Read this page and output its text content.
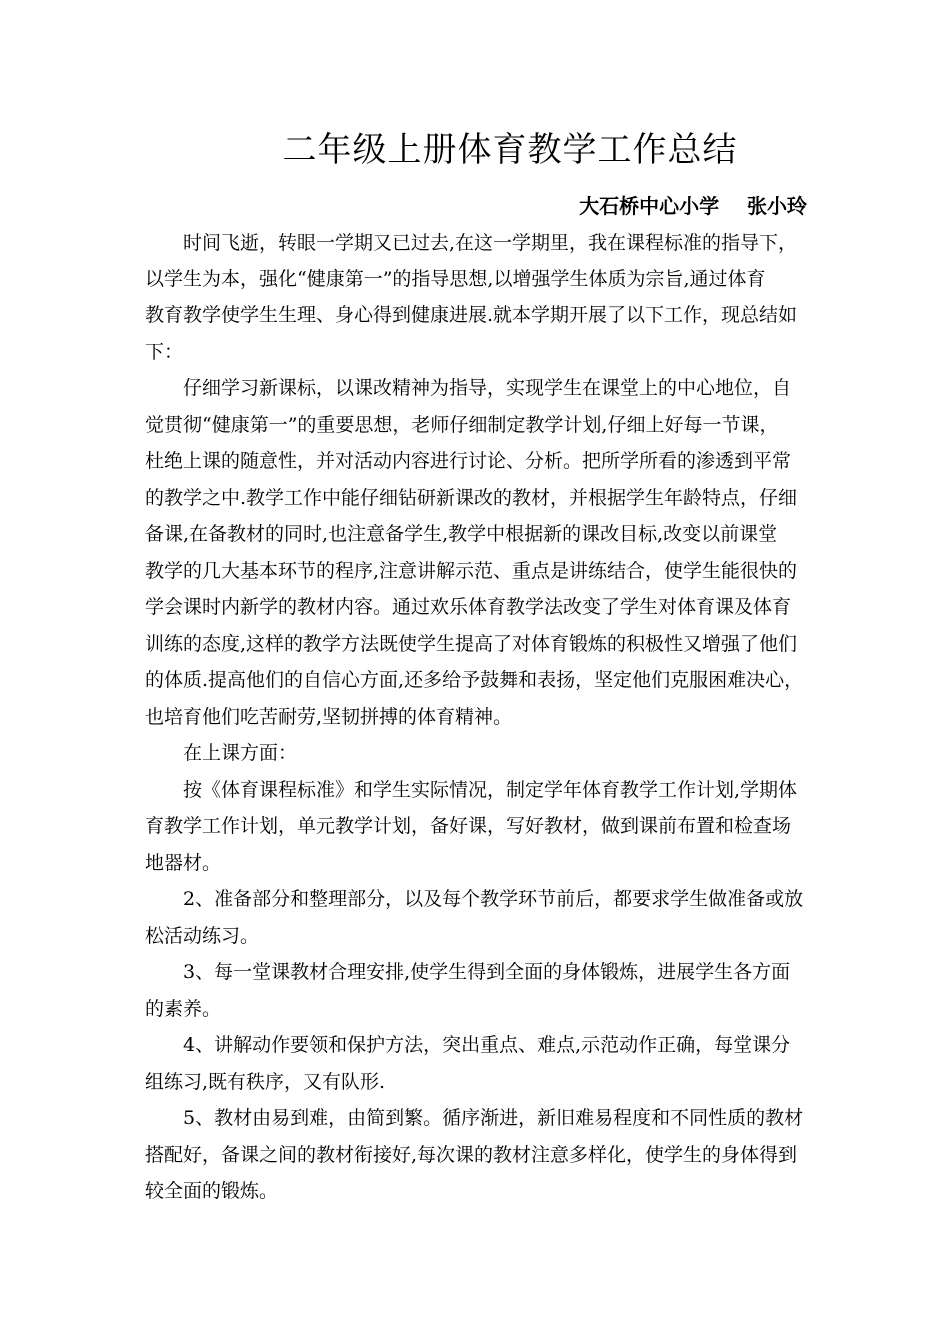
二年级上册体育教学工作总结
大石桥中心小学    张小玲
时间飞逝，转眼一学期又已过去,在这一学期里，我在课程标准的指导下，
以学生为本，强化“健康第一”的指导思想,以增强学生体质为宗旨,通过体育
教育教学使学生生理、身心得到健康进展.就本学期开展了以下工作，现总结如
下：
仔细学习新课标，以课改精神为指导，实现学生在课堂上的中心地位，自
觉贯彻“健康第一”的重要思想，老师仔细制定教学计划,仔细上好每一节课，
杜绝上课的随意性，并对活动内容进行讨论、分析。把所学所看的渗透到平常
的教学之中.教学工作中能仔细钻研新课改的教材，并根据学生年龄特点，仔细
备课,在备教材的同时,也注意备学生,教学中根据新的课改目标,改变以前课堂
教学的几大基本环节的程序,注意讲解示范、重点是讲练结合，使学生能很快的
学会课时内新学的教材内容。通过欢乐体育教学法改变了学生对体育课及体育
训练的态度,这样的教学方法既使学生提高了对体育锻炼的积极性又增强了他们
的体质.提高他们的自信心方面,还多给予鼓舞和表扬，坚定他们克服困难决心，
也培育他们吃苦耐劳,坚韧拼搏的体育精神。
在上课方面：
按《体育课程标准》和学生实际情况，制定学年体育教学工作计划,学期体
育教学工作计划，单元教学计划，备好课，写好教材，做到课前布置和检查场
地器材。
2、准备部分和整理部分，以及每个教学环节前后，都要求学生做准备或放
松活动练习。
3、每一堂课教材合理安排,使学生得到全面的身体锻炼，进展学生各方面
的素养。
4、讲解动作要领和保护方法，突出重点、难点,示范动作正确，每堂课分
组练习,既有秩序，又有队形.
5、教材由易到难，由简到繁。循序渐进，新旧难易程度和不同性质的教材
搭配好，备课之间的教材衔接好,每次课的教材注意多样化，使学生的身体得到
较全面的锻炼。
